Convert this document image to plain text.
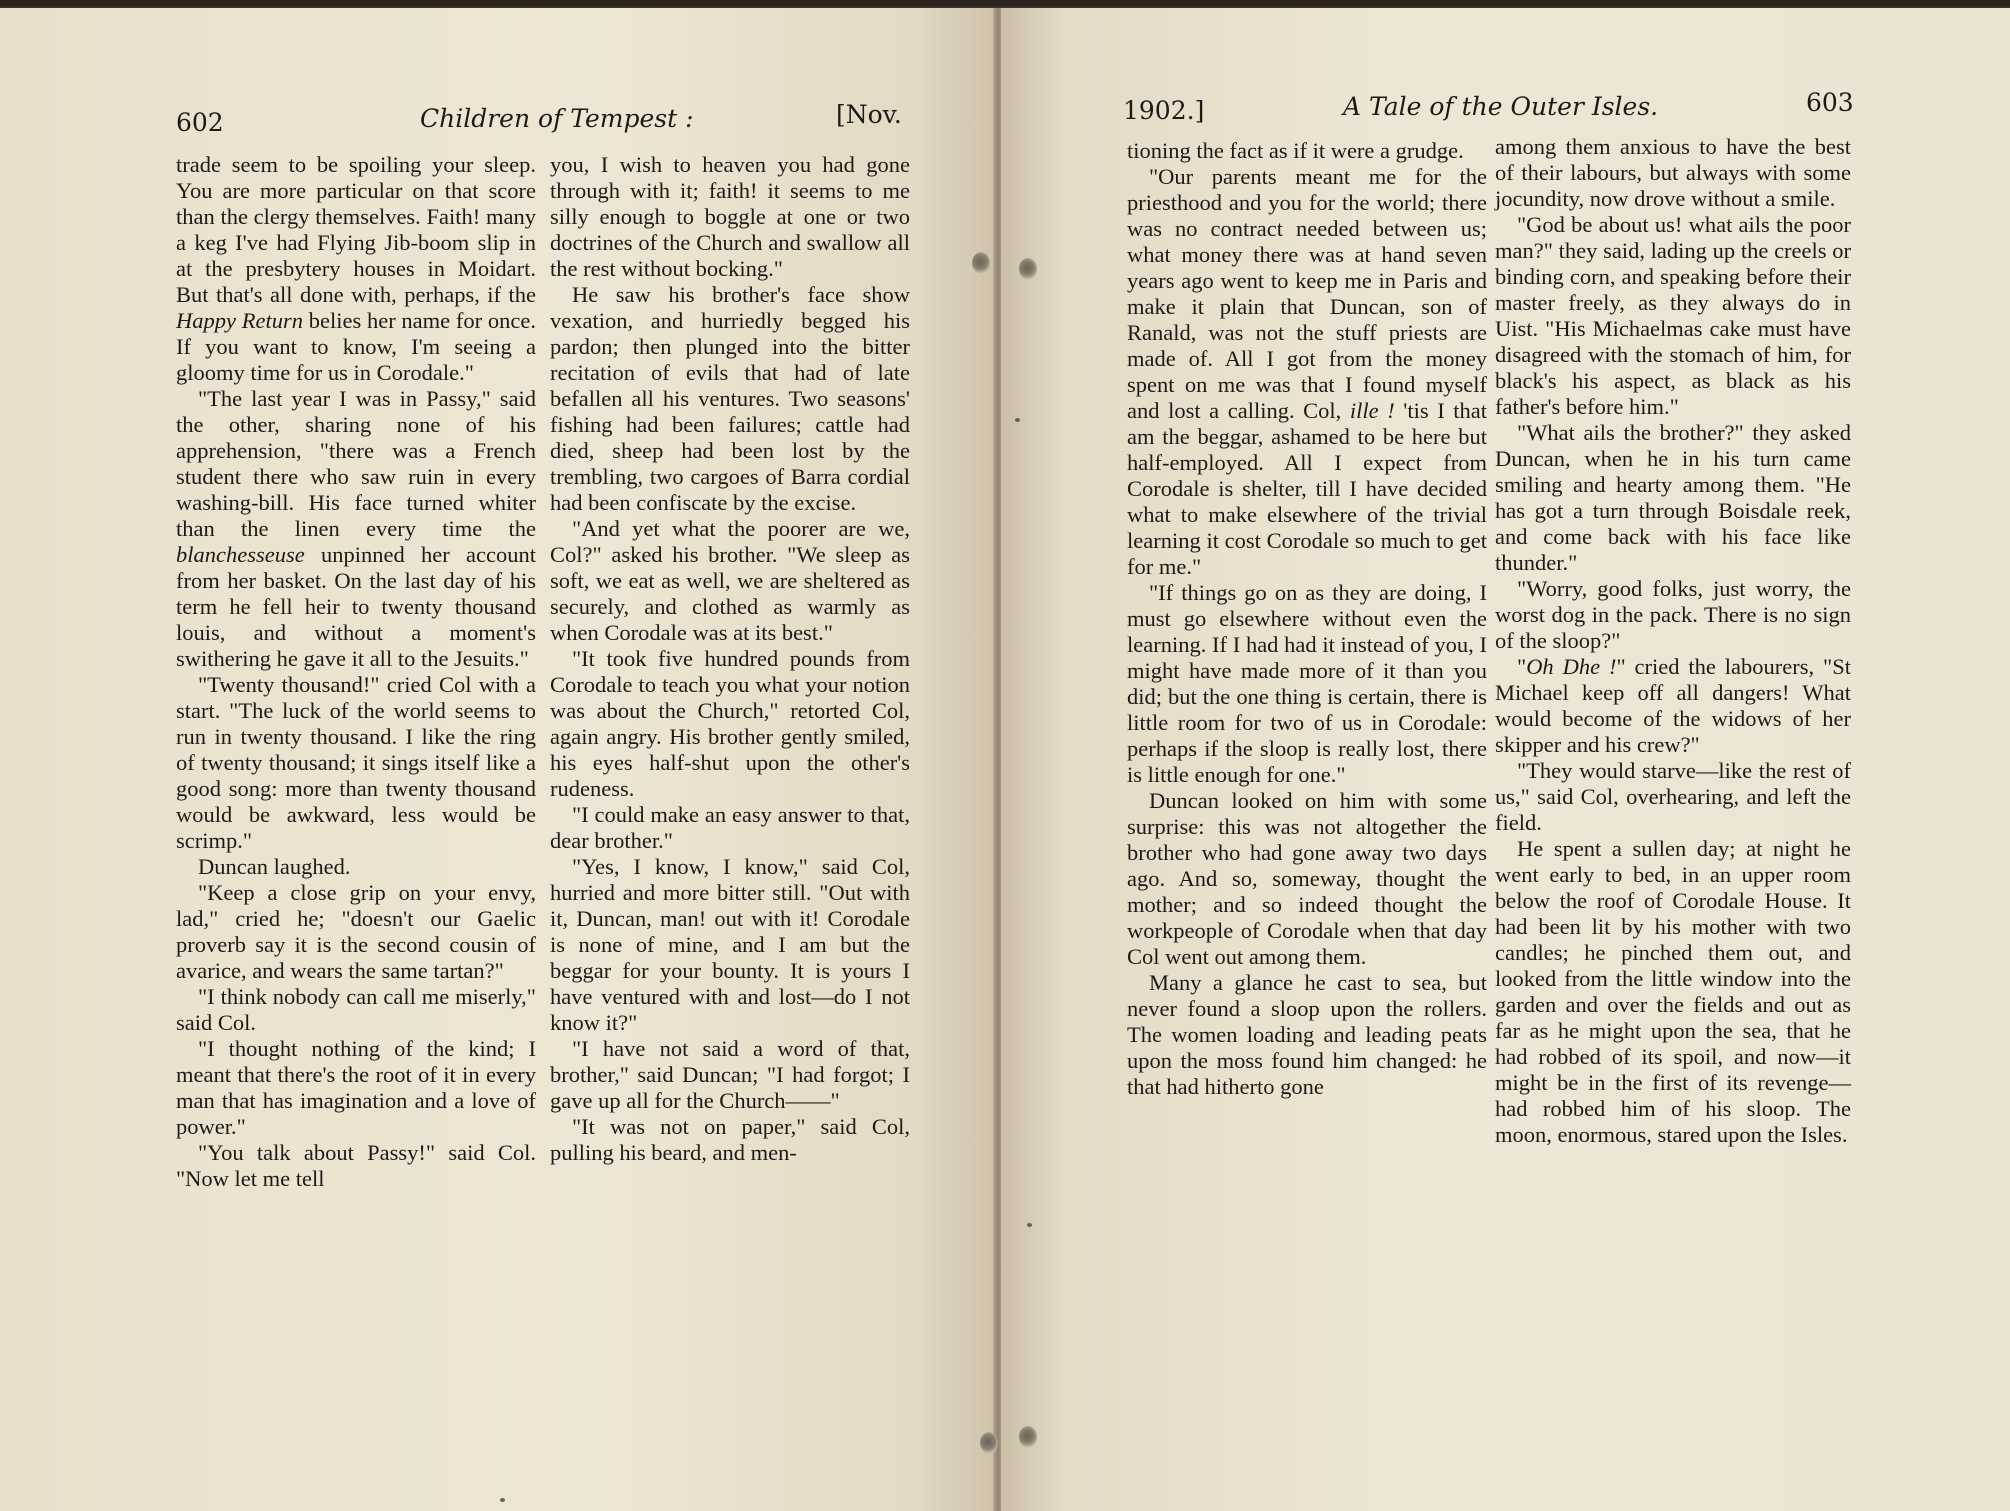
602	Children of Tempest :	[Nov.

trade seem to be spoiling your sleep. You are more particular on that score than the clergy themselves. Faith! many a keg I've had Flying Jib-boom slip in at the presbytery houses in Moidart. But that's all done with, perhaps, if the Happy Return belies her name for once. If you want to know, I'm seeing a gloomy time for us in Corodale."

"The last year I was in Passy," said the other, sharing none of his apprehension, "there was a French student there who saw ruin in every washing-bill. His face turned whiter than the linen every time the blanchesseuse unpinned her account from her basket. On the last day of his term he fell heir to twenty thousand louis, and without a moment's swithering he gave it all to the Jesuits."

"Twenty thousand!" cried Col with a start. "The luck of the world seems to run in twenty thousand. I like the ring of twenty thousand; it sings itself like a good song: more than twenty thousand would be awkward, less would be scrimp."

Duncan laughed.

"Keep a close grip on your envy, lad," cried he; "doesn't our Gaelic proverb say it is the second cousin of avarice, and wears the same tartan?"

"I think nobody can call me miserly," said Col.

"I thought nothing of the kind; I meant that there's the root of it in every man that has imagination and a love of power."

"You talk about Passy!" said Col. "Now let me tell

you, I wish to heaven you had gone through with it; faith! it seems to me silly enough to boggle at one or two doctrines of the Church and swallow all the rest without bocking."

He saw his brother's face show vexation, and hurriedly begged his pardon; then plunged into the bitter recitation of evils that had of late befallen all his ventures. Two seasons' fishing had been failures; cattle had died, sheep had been lost by the trembling, two cargoes of Barra cordial had been confiscate by the excise.

"And yet what the poorer are we, Col?" asked his brother. "We sleep as soft, we eat as well, we are sheltered as securely, and clothed as warmly as when Corodale was at its best."

"It took five hundred pounds from Corodale to teach you what your notion was about the Church," retorted Col, again angry. His brother gently smiled, his eyes half-shut upon the other's rudeness.

"I could make an easy answer to that, dear brother."

"Yes, I know, I know," said Col, hurried and more bitter still. "Out with it, Duncan, man! out with it! Corodale is none of mine, and I am but the beggar for your bounty. It is yours I have ventured with and lost—do I not know it?"

"I have not said a word of that, brother," said Duncan; "I had forgot; I gave up all for the Church——"

"It was not on paper," said Col, pulling his beard, and men-

1902.]	A Tale of the Outer Isles.	603

tioning the fact as if it were a grudge.

"Our parents meant me for the priesthood and you for the world; there was no contract needed between us; what money there was at hand seven years ago went to keep me in Paris and make it plain that Duncan, son of Ranald, was not the stuff priests are made of. All I got from the money spent on me was that I found myself and lost a calling. Col, ille ! 'tis I that am the beggar, ashamed to be here but half-employed. All I expect from Corodale is shelter, till I have decided what to make elsewhere of the trivial learning it cost Corodale so much to get for me."

"If things go on as they are doing, I must go elsewhere without even the learning. If I had had it instead of you, I might have made more of it than you did; but the one thing is certain, there is little room for two of us in Corodale: perhaps if the sloop is really lost, there is little enough for one."

Duncan looked on him with some surprise: this was not altogether the brother who had gone away two days ago. And so, someway, thought the mother; and so indeed thought the workpeople of Corodale when that day Col went out among them.

Many a glance he cast to sea, but never found a sloop upon the rollers. The women loading and leading peats upon the moss found him changed: he that had hitherto gone

among them anxious to have the best of their labours, but always with some jocundity, now drove without a smile.

"God be about us! what ails the poor man?" they said, lading up the creels or binding corn, and speaking before their master freely, as they always do in Uist. "His Michaelmas cake must have disagreed with the stomach of him, for black's his aspect, as black as his father's before him."

"What ails the brother?" they asked Duncan, when he in his turn came smiling and hearty among them. "He has got a turn through Boisdale reek, and come back with his face like thunder."

"Worry, good folks, just worry, the worst dog in the pack. There is no sign of the sloop?"

"Oh Dhe !" cried the labourers, "St Michael keep off all dangers! What would become of the widows of her skipper and his crew?"

"They would starve—like the rest of us," said Col, overhearing, and left the field.

He spent a sullen day; at night he went early to bed, in an upper room below the roof of Corodale House. It had been lit by his mother with two candles; he pinched them out, and looked from the little window into the garden and over the fields and out as far as he might upon the sea, that he had robbed of its spoil, and now—it might be in the first of its revenge—had robbed him of his sloop. The moon, enormous, stared upon the Isles.
